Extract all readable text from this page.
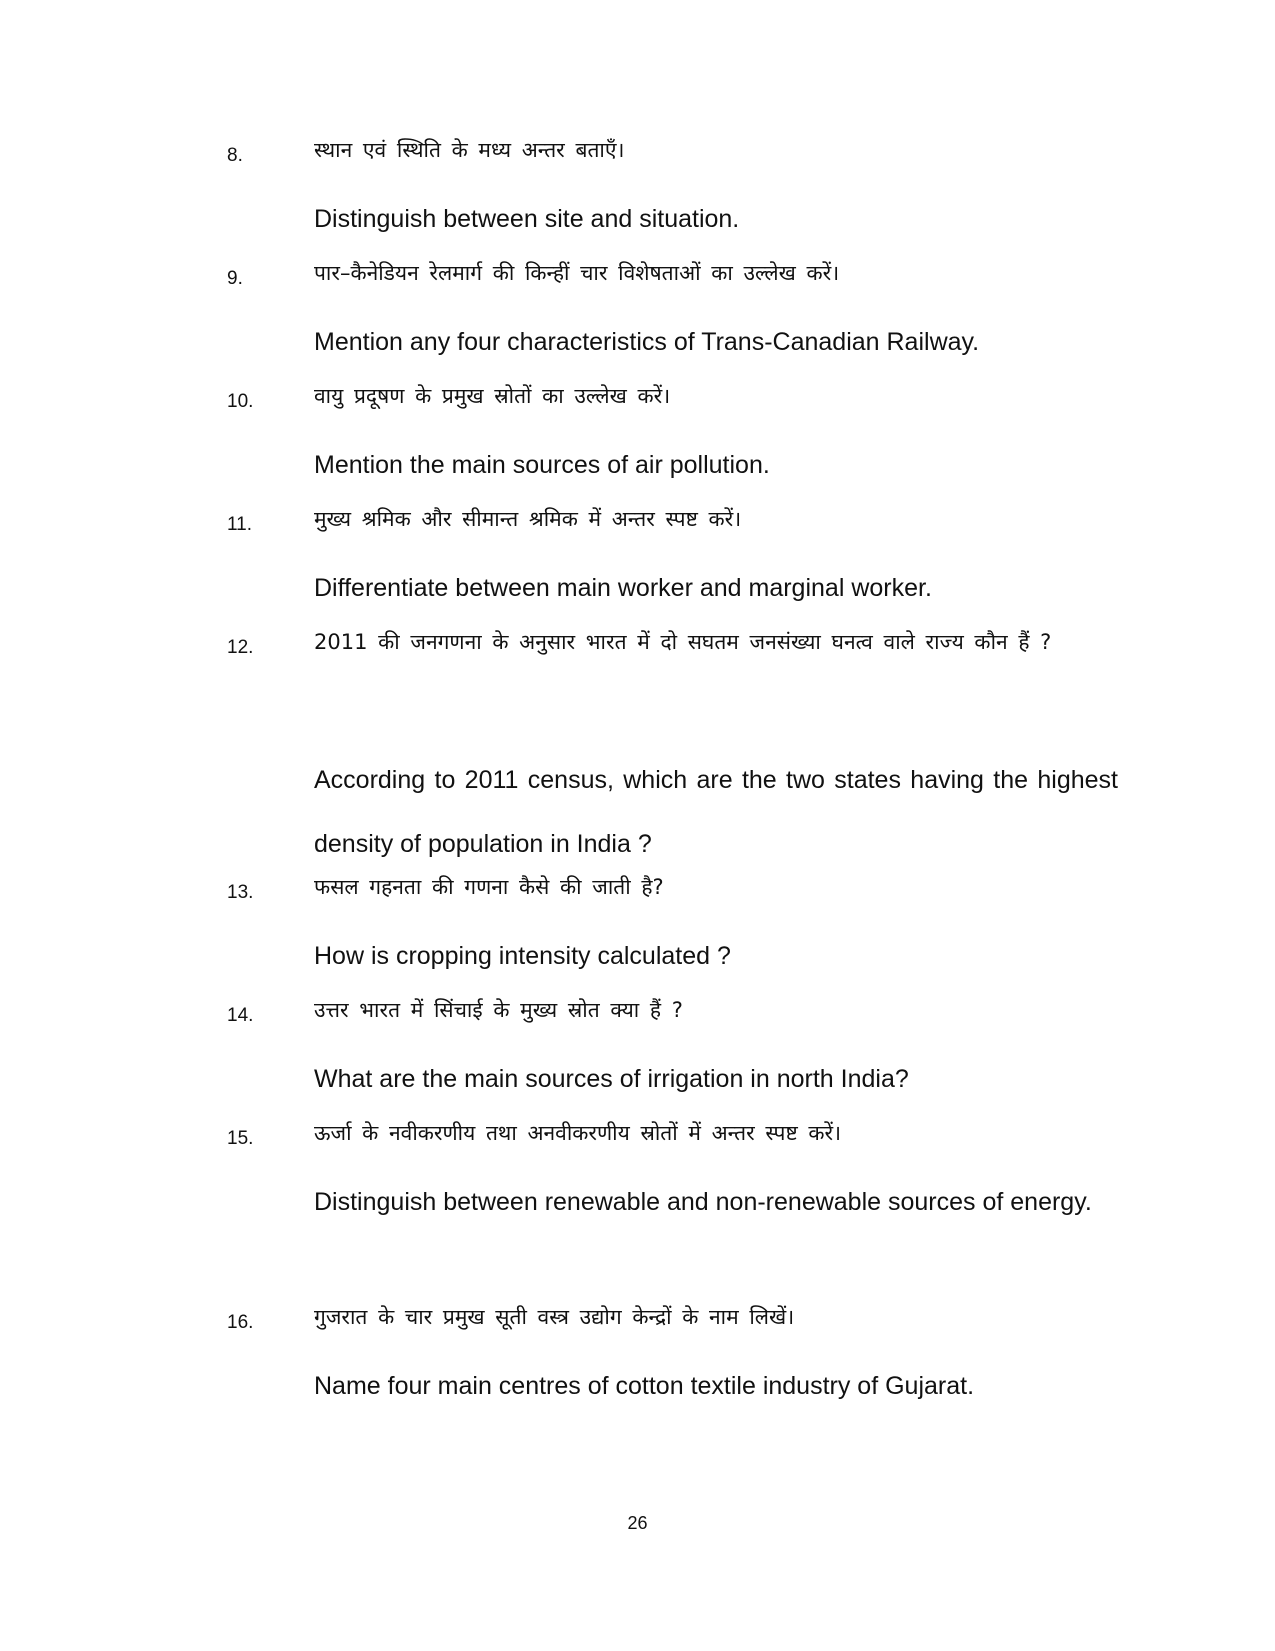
8.	स्थान एवं स्थिति के मध्य अन्तर बताएँ।
Distinguish between site and situation.
9.	पार–कैनेडियन रेलमार्ग की किन्हीं चार विशेषताओं का उल्लेख करें।
Mention any four characteristics of Trans-Canadian Railway.
10.	वायु प्रदूषण के प्रमुख स्रोतों का उल्लेख करें।
Mention the main sources of air pollution.
11.	मुख्य श्रमिक और सीमान्त श्रमिक में अन्तर स्पष्ट करें।
Differentiate between main worker and marginal worker.
12.	2011 की जनगणना के अनुसार भारत में दो सघतम जनसंख्या घनत्व वाले राज्य कौन हैं ?
According to 2011 census, which are the two states having the highest density of population in India ?
13.	फसल गहनता की गणना कैसे की जाती है?
How is cropping intensity calculated ?
14.	उत्तर भारत में सिंचाई के मुख्य स्रोत क्या हैं ?
What are the main sources of irrigation in north India?
15.	ऊर्जा के नवीकरणीय तथा अनवीकरणीय स्रोतों में अन्तर स्पष्ट करें।
Distinguish between renewable and non-renewable sources of energy.
16.	गुजरात के चार प्रमुख सूती वस्त्र उद्योग केन्द्रों के नाम लिखें।
Name four main centres of cotton textile industry of Gujarat.
26
